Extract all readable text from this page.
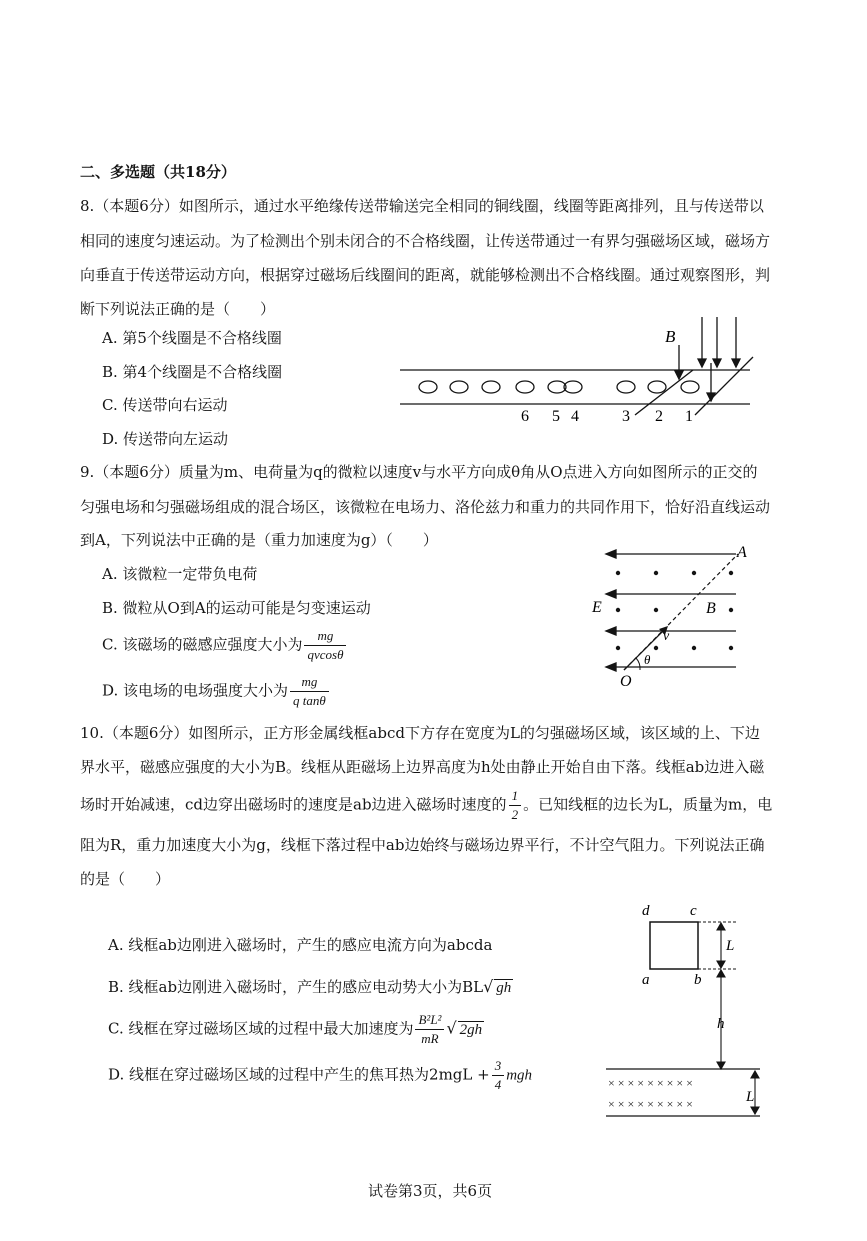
二、多选题（共18分）
8.（本题6分）如图所示，通过水平绝缘传送带输送完全相同的铜线圈，线圈等距离排列，且与传送带以
相同的速度匀速运动。为了检测出个别未闭合的不合格线圈，让传送带通过一有界匀强磁场区域，磁场方
向垂直于传送带运动方向，根据穿过磁场后线圈间的距离，就能够检测出不合格线圈。通过观察图形，判
断下列说法正确的是（　　）
A. 第5个线圈是不合格线圈
B. 第4个线圈是不合格线圈
C. 传送带向右运动
D. 传送带向左运动
B
6 5 4	3 2 1
9.（本题6分）质量为m、电荷量为q的微粒以速度v与水平方向成θ角从O点进入方向如图所示的正交的
匀强电场和匀强磁场组成的混合场区，该微粒在电场力、洛伦兹力和重力的共同作用下，恰好沿直线运动
到A，下列说法中正确的是（重力加速度为g）（　　）
A. 该微粒一定带负电荷
B. 微粒从O到A的运动可能是匀变速运动
C. 该磁场的磁感应强度大小为 $\frac{mg}{qvcos\theta}$
D. 该电场的电场强度大小为 $\frac{mg}{\text{q tanθ}}$
A
E	B
v
θ
O
10.（本题6分）如图所示，正方形金属线框abcd下方存在宽度为L的匀强磁场区域，该区域的上、下边
界水平，磁感应强度的大小为B。线框从距磁场上边界高度为h处由静止开始自由下落。线框ab边进入磁
场时开始减速，cd边穿出磁场时的速度是ab边进入磁场时速度的 $\frac{1}{2}$ 。已知线框的边长为L，质量为m，电
阻为R，重力加速度大小为g，线框下落过程中ab边始终与磁场边界平行，不计空气阻力。下列说法正确
的是（　　）
A. 线框ab边刚进入磁场时，产生的感应电流方向为abcda
B. 线框ab边刚进入磁场时，产生的感应电动势大小为BL√ gh
C. 线框在穿过磁场区域的过程中最大加速度为 $\frac{\text{B²L²}}{mR}$ √ 2gh
D. 线框在穿过磁场区域的过程中产生的焦耳热为$2mgL + \frac{3}{4}$ mgh	× × × × × × × × ×
× × × × × × × × ×
d	c
a	b
L
h
L
试卷第3页，共6页
